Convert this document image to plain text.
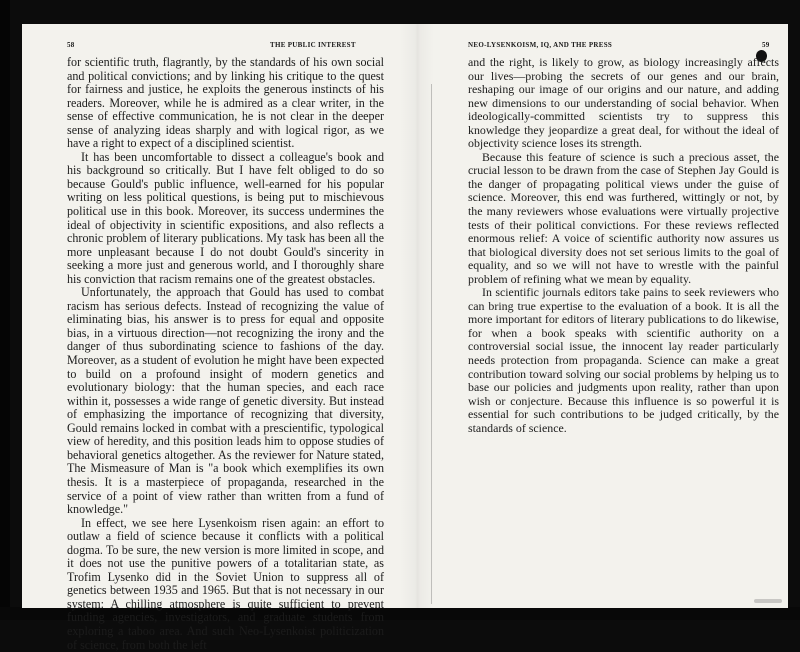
58	THE PUBLIC INTEREST	NEO-LYSENKOISM, IQ, AND THE PRESS	59

for scientific truth, flagrantly, by the standards of his own social and political convictions; and by linking his critique to the quest for fairness and justice, he exploits the generous instincts of his readers. Moreover, while he is admired as a clear writer, in the sense of effective communication, he is not clear in the deeper sense of analyzing ideas sharply and with logical rigor, as we have a right to expect of a disciplined scientist.

It has been uncomfortable to dissect a colleague's book and his background so critically. But I have felt obliged to do so because Gould's public influence, well-earned for his popular writing on less political questions, is being put to mischievous political use in this book. Moreover, its success undermines the ideal of objectivity in scientific expositions, and also reflects a chronic problem of literary publications. My task has been all the more unpleasant because I do not doubt Gould's sincerity in seeking a more just and generous world, and I thoroughly share his conviction that racism remains one of the greatest obstacles.

Unfortunately, the approach that Gould has used to combat racism has serious defects. Instead of recognizing the value of eliminating bias, his answer is to press for equal and opposite bias, in a virtuous direction—not recognizing the irony and the danger of thus subordinating science to fashions of the day. Moreover, as a student of evolution he might have been expected to build on a profound insight of modern genetics and evolutionary biology: that the human species, and each race within it, possesses a wide range of genetic diversity. But instead of emphasizing the importance of recognizing that diversity, Gould remains locked in combat with a prescientific, typological view of heredity, and this position leads him to oppose studies of behavioral genetics altogether. As the reviewer for Nature stated, The Mismeasure of Man is "a book which exemplifies its own thesis. It is a masterpiece of propaganda, researched in the service of a point of view rather than written from a fund of knowledge."

In effect, we see here Lysenkoism risen again: an effort to outlaw a field of science because it conflicts with a political dogma. To be sure, the new version is more limited in scope, and it does not use the punitive powers of a totalitarian state, as Trofim Lysenko did in the Soviet Union to suppress all of genetics between 1935 and 1965. But that is not necessary in our system: A chilling atmosphere is quite sufficient to prevent funding agencies, investigators, and graduate students from exploring a taboo area. And such Neo-Lysenkoist politicization of science, from both the left

and the right, is likely to grow, as biology increasingly affects our lives—probing the secrets of our genes and our brain, reshaping our image of our origins and our nature, and adding new dimensions to our understanding of social behavior. When ideologically-committed scientists try to suppress this knowledge they jeopardize a great deal, for without the ideal of objectivity science loses its strength.

Because this feature of science is such a precious asset, the crucial lesson to be drawn from the case of Stephen Jay Gould is the danger of propagating political views under the guise of science. Moreover, this end was furthered, wittingly or not, by the many reviewers whose evaluations were virtually projective tests of their political convictions. For these reviews reflected enormous relief: A voice of scientific authority now assures us that biological diversity does not set serious limits to the goal of equality, and so we will not have to wrestle with the painful problem of refining what we mean by equality.

In scientific journals editors take pains to seek reviewers who can bring true expertise to the evaluation of a book. It is all the more important for editors of literary publications to do likewise, for when a book speaks with scientific authority on a controversial social issue, the innocent lay reader particularly needs protection from propaganda. Science can make a great contribution toward solving our social problems by helping us to base our policies and judgments upon reality, rather than upon wish or conjecture. Because this influence is so powerful it is essential for such contributions to be judged critically, by the standards of science.
